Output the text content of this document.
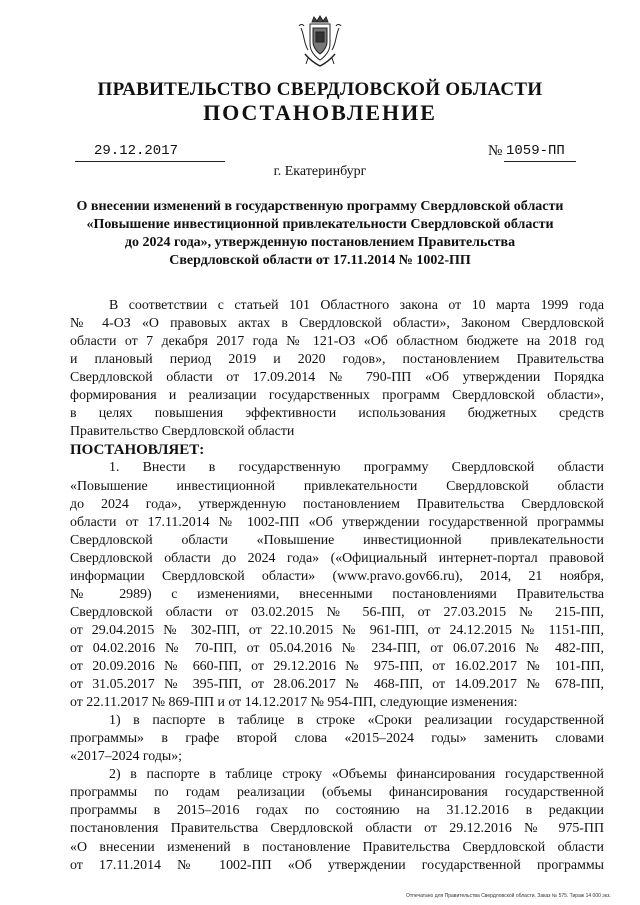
ПРАВИТЕЛЬСТВО СВЕРДЛОВСКОЙ ОБЛАСТИ
ПОСТАНОВЛЕНИЕ
29.12.2017	№ 1059-ПП
г. Екатеринбург
О внесении изменений в государственную программу Свердловской области
«Повышение инвестиционной привлекательности Свердловской области
до 2024 года», утвержденную постановлением Правительства
Свердловской области от 17.11.2014 № 1002-ПП
В соответствии с статьей 101 Областного закона от 10 марта 1999 года
№ 4-ОЗ «О правовых актах в Свердловской области», Законом Свердловской
области от 7 декабря 2017 года № 121-ОЗ «Об областном бюджете на 2018 год
и плановый период 2019 и 2020 годов», постановлением Правительства
Свердловской области от 17.09.2014 № 790-ПП «Об утверждении Порядка
формирования и реализации государственных программ Свердловской области»,
в целях повышения эффективности использования бюджетных средств
Правительство Свердловской области
ПОСТАНОВЛЯЕТ:
1. Внести в государственную программу Свердловской области
«Повышение инвестиционной привлекательности Свердловской области
до 2024 года», утвержденную постановлением Правительства Свердловской
области от 17.11.2014 № 1002-ПП «Об утверждении государственной программы
Свердловской области «Повышение инвестиционной привлекательности
Свердловской области до 2024 года» («Официальный интернет-портал правовой
информации Свердловской области» (www.pravo.gov66.ru), 2014, 21 ноября,
№ 2989) с изменениями, внесенными постановлениями Правительства
Свердловской области от 03.02.2015 № 56-ПП, от 27.03.2015 № 215-ПП,
от 29.04.2015 № 302-ПП, от 22.10.2015 № 961-ПП, от 24.12.2015 № 1151-ПП,
от 04.02.2016 № 70-ПП, от 05.04.2016 № 234-ПП, от 06.07.2016 № 482-ПП,
от 20.09.2016 № 660-ПП, от 29.12.2016 № 975-ПП, от 16.02.2017 № 101-ПП,
от 31.05.2017 № 395-ПП, от 28.06.2017 № 468-ПП, от 14.09.2017 № 678-ПП,
от 22.11.2017 № 869-ПП и от 14.12.2017 № 954-ПП, следующие изменения:
1) в паспорте в таблице в строке «Сроки реализации государственной
программы» в графе второй слова «2015–2024 годы» заменить словами
«2017–2024 годы»;
2) в паспорте в таблице строку «Объемы финансирования государственной
программы по годам реализации (объемы финансирования государственной
программы в 2015–2016 годах по состоянию на 31.12.2016 в редакции
постановления Правительства Свердловской области от 29.12.2016 № 975-ПП
«О внесении изменений в постановление Правительства Свердловской области
от 17.11.2014 № 1002-ПП «Об утверждении государственной программы
Отпечатано для Правительства Свердловской области. Заказ № 575. Тираж 14 000 экз.
